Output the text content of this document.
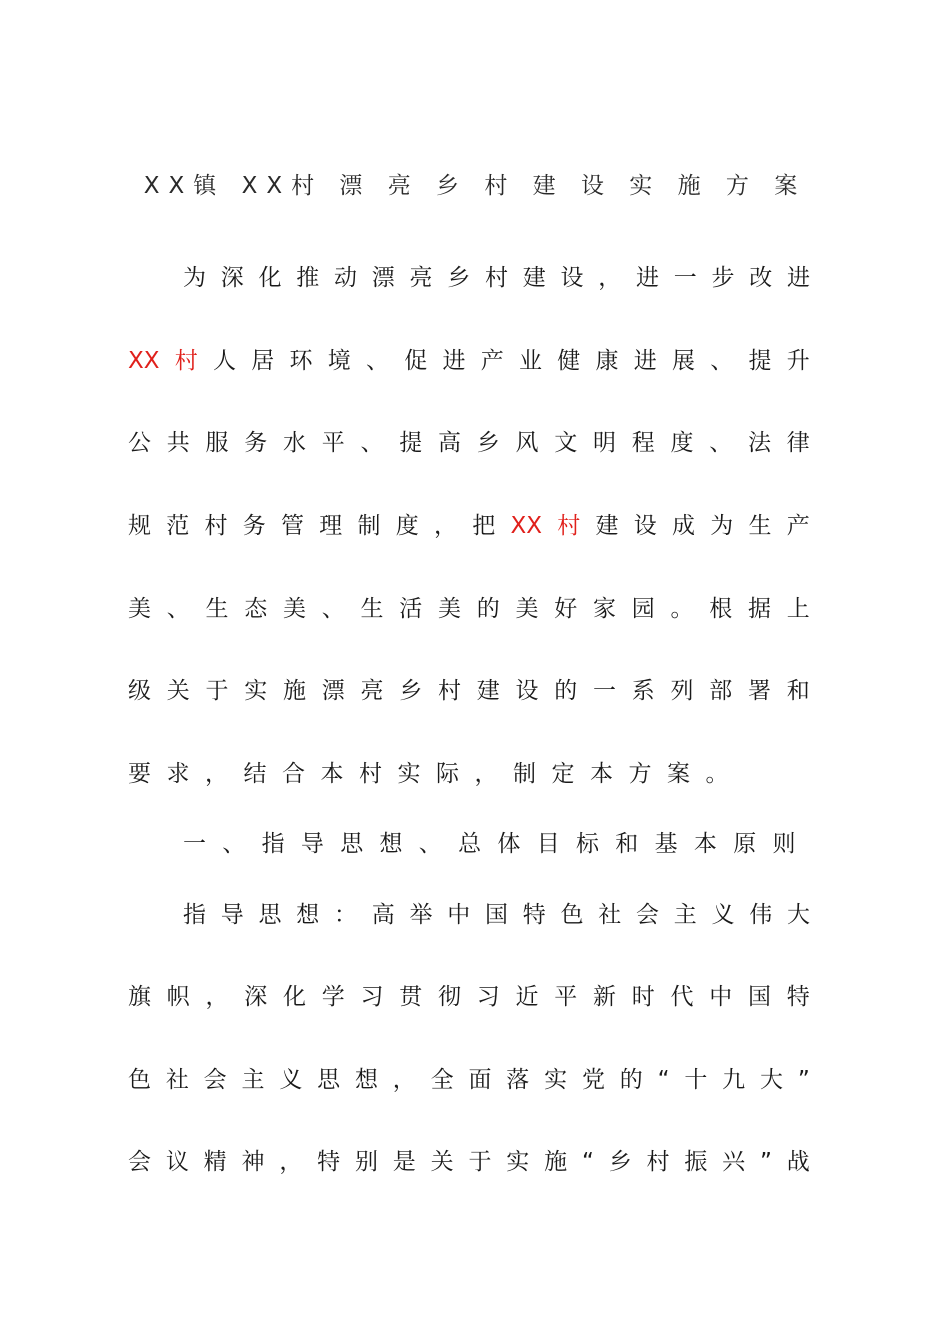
XX镇 XX村 漂 亮 乡 村 建 设 实 施 方 案
为 深 化 推 动 漂 亮 乡 村 建 设 ， 进 一 步 改 进
XX 村 人 居 环 境 、 促 进 产 业 健 康 进 展 、 提 升
公 共 服 务 水 平 、 提 高 乡 风 文 明 程 度 、 法 律
规 范 村 务 管 理 制 度 ， 把 XX 村 建 设 成 为 生 产
美 、 生 态 美 、 生 活 美 的 美 好 家 园 。 根 据 上
级 关 于 实 施 漂 亮 乡 村 建 设 的 一 系 列 部 署 和
要 求 ， 结 合 本 村 实 际 ， 制 定 本 方 案 。
一、指导思想、总体目标和基本原则
指 导 思 想 ： 高 举 中 国 特 色 社 会 主 义 伟 大
旗 帜 ， 深 化 学 习 贯 彻 习 近 平 新 时 代 中 国 特
色 社 会 主 义 思 想 ， 全 面 落 实 党 的 “ 十 九 大 ”
会 议 精 神 ， 特 别 是 关 于 实 施 “ 乡 村 振 兴 ” 战
